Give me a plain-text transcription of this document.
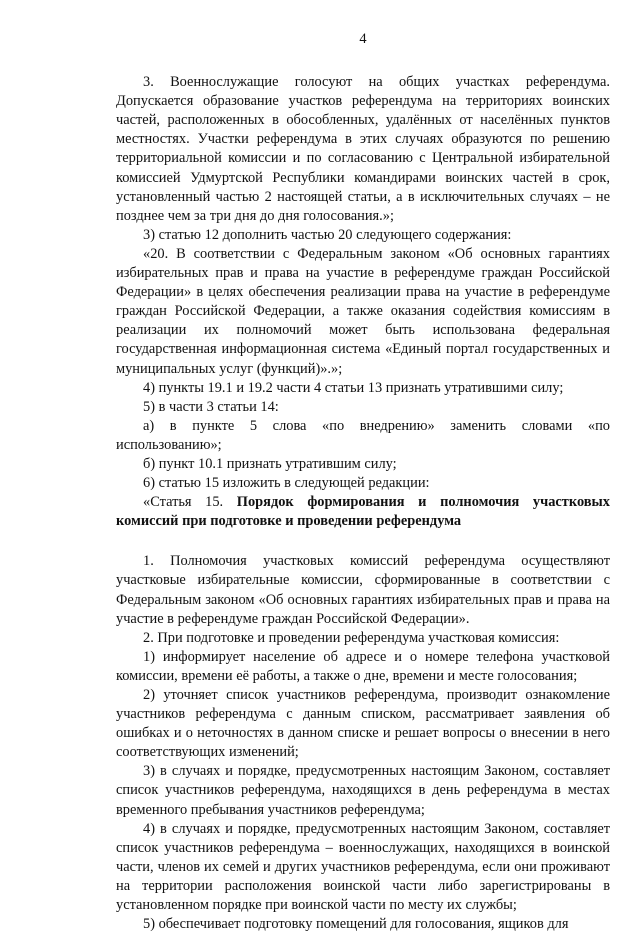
4

3. Военнослужащие голосуют на общих участках референдума. Допускается образование участков референдума на территориях воинских частей, расположенных в обособленных, удалённых от населённых пунктов местностях. Участки референдума в этих случаях образуются по решению территориальной комиссии и по согласованию с Центральной избирательной комиссией Удмуртской Республики командирами воинских частей в срок, установленный частью 2 настоящей статьи, а в исключительных случаях – не позднее чем за три дня до дня голосования.»;

3) статью 12 дополнить частью 20 следующего содержания:

«20. В соответствии с Федеральным законом «Об основных гарантиях избирательных прав и права на участие в референдуме граждан Российской Федерации» в целях обеспечения реализации права на участие в референдуме граждан Российской Федерации, а также оказания содействия комиссиям в реализации их полномочий может быть использована федеральная государственная информационная система «Единый портал государственных и муниципальных услуг (функций)».»;

4) пункты 19.1 и 19.2 части 4 статьи 13 признать утратившими силу;

5) в части 3 статьи 14:

а) в пункте 5 слова «по внедрению» заменить словами «по использованию»;

б) пункт 10.1 признать утратившим силу;

6) статью 15 изложить в следующей редакции:

«Статья 15. Порядок формирования и полномочия участковых комиссий при подготовке и проведении референдума

1. Полномочия участковых комиссий референдума осуществляют участковые избирательные комиссии, сформированные в соответствии с Федеральным законом «Об основных гарантиях избирательных прав и права на участие в референдуме граждан Российской Федерации».

2. При подготовке и проведении референдума участковая комиссия:

1) информирует население об адресе и о номере телефона участковой комиссии, времени её работы, а также о дне, времени и месте голосования;

2) уточняет список участников референдума, производит ознакомление участников референдума с данным списком, рассматривает заявления об ошибках и о неточностях в данном списке и решает вопросы о внесении в него соответствующих изменений;

3) в случаях и порядке, предусмотренных настоящим Законом, составляет список участников референдума, находящихся в день референдума в местах временного пребывания участников референдума;

4) в случаях и порядке, предусмотренных настоящим Законом, составляет список участников референдума – военнослужащих, находящихся в воинской части, членов их семей и других участников референдума, если они проживают на территории расположения воинской части либо зарегистрированы в установленном порядке при воинской части по месту их службы;

5) обеспечивает подготовку помещений для голосования, ящиков для
